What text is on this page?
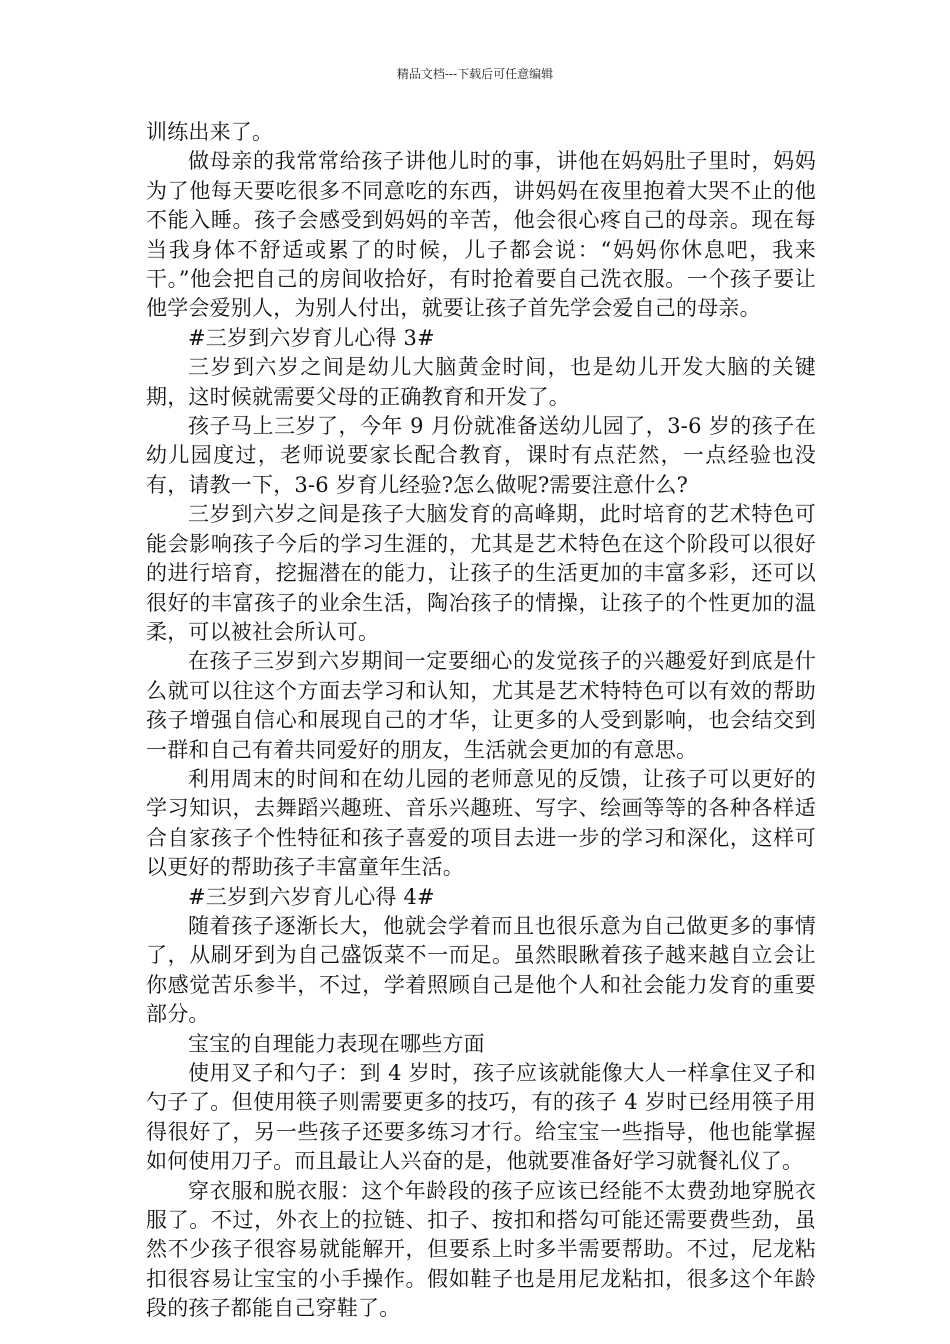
精品文档---下载后可任意编辑

训练出来了。

做母亲的我常常给孩子讲他儿时的事，讲他在妈妈肚子里时，妈妈为了他每天要吃很多不同意吃的东西，讲妈妈在夜里抱着大哭不止的他不能入睡。孩子会感受到妈妈的辛苦，他会很心疼自己的母亲。现在每当我身体不舒适或累了的时候，儿子都会说：“妈妈你休息吧，我来干。”他会把自己的房间收拾好，有时抢着要自己洗衣服。一个孩子要让他学会爱别人，为别人付出，就要让孩子首先学会爱自己的母亲。

#三岁到六岁育儿心得 3#

三岁到六岁之间是幼儿大脑黄金时间，也是幼儿开发大脑的关键期，这时候就需要父母的正确教育和开发了。

孩子马上三岁了，今年 9 月份就准备送幼儿园了，3-6 岁的孩子在幼儿园度过，老师说要家长配合教育，课时有点茫然，一点经验也没有，请教一下，3-6 岁育儿经验?怎么做呢?需要注意什么?

三岁到六岁之间是孩子大脑发育的高峰期，此时培育的艺术特色可能会影响孩子今后的学习生涯的，尤其是艺术特色在这个阶段可以很好的进行培育，挖掘潜在的能力，让孩子的生活更加的丰富多彩，还可以很好的丰富孩子的业余生活，陶冶孩子的情操，让孩子的个性更加的温柔，可以被社会所认可。

在孩子三岁到六岁期间一定要细心的发觉孩子的兴趣爱好到底是什么就可以往这个方面去学习和认知，尤其是艺术特特色可以有效的帮助孩子增强自信心和展现自己的才华，让更多的人受到影响，也会结交到一群和自己有着共同爱好的朋友，生活就会更加的有意思。

利用周末的时间和在幼儿园的老师意见的反馈，让孩子可以更好的学习知识，去舞蹈兴趣班、音乐兴趣班、写字、绘画等等的各种各样适合自家孩子个性特征和孩子喜爱的项目去进一步的学习和深化，这样可以更好的帮助孩子丰富童年生活。

#三岁到六岁育儿心得 4#

随着孩子逐渐长大，他就会学着而且也很乐意为自己做更多的事情了，从刷牙到为自己盛饭菜不一而足。虽然眼瞅着孩子越来越自立会让你感觉苦乐参半，不过，学着照顾自己是他个人和社会能力发育的重要部分。

宝宝的自理能力表现在哪些方面

使用叉子和勺子：到 4 岁时，孩子应该就能像大人一样拿住叉子和勺子了。但使用筷子则需要更多的技巧，有的孩子 4 岁时已经用筷子用得很好了，另一些孩子还要多练习才行。给宝宝一些指导，他也能掌握如何使用刀子。而且最让人兴奋的是，他就要准备好学习就餐礼仪了。

穿衣服和脱衣服：这个年龄段的孩子应该已经能不太费劲地穿脱衣服了。不过，外衣上的拉链、扣子、按扣和搭勾可能还需要费些劲，虽然不少孩子很容易就能解开，但要系上时多半需要帮助。不过，尼龙粘扣很容易让宝宝的小手操作。假如鞋子也是用尼龙粘扣，很多这个年龄段的孩子都能自己穿鞋了。
